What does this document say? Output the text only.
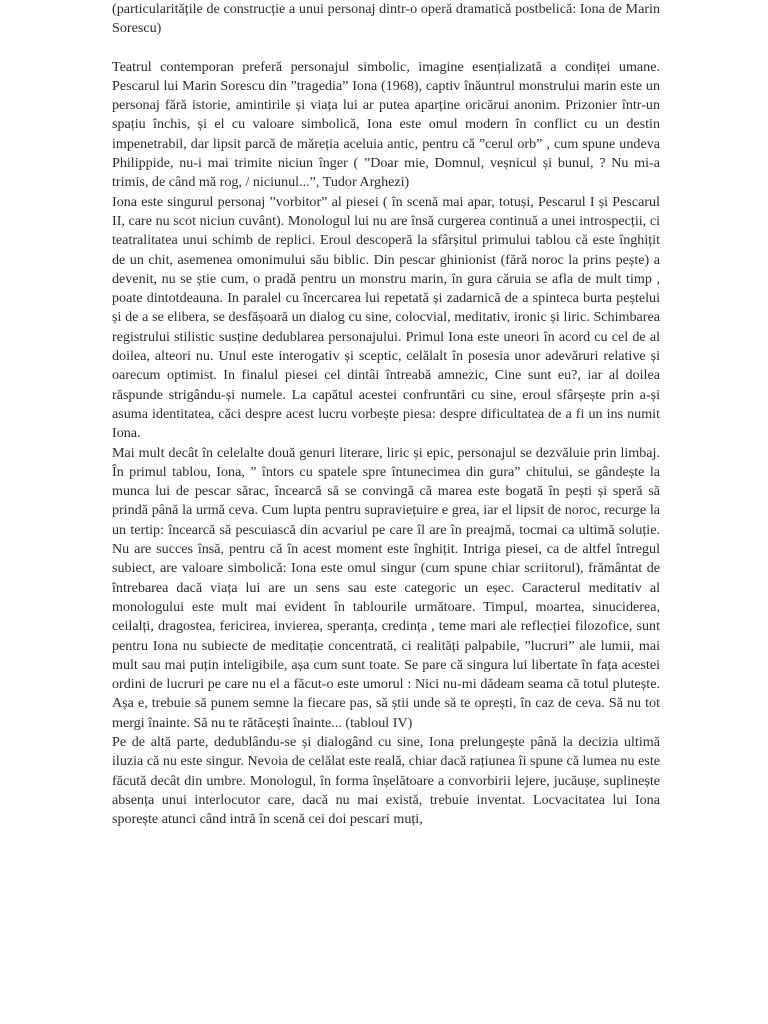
(particularitățile de construcție a unui personaj dintr-o operă dramatică postbelică: Iona de Marin Sorescu)

Teatrul contemporan preferă personajul simbolic, imagine esențializată a condiței umane. Pescarul lui Marin Sorescu din ”tragedia” Iona (1968), captiv înăuntrul monstrului marin este un personaj fără istorie, amintirile și viața lui ar putea aparține oricărui anonim. Prizonier într-un spațiu închis, și el cu valoare simbolică, Iona este omul modern în conflict cu un destin impenetrabil, dar lipsit parcă de măreția aceluia antic, pentru că ”cerul orb” , cum spune undeva Philippide, nu-i mai trimite niciun înger ( ”Doar mie, Domnul, veșnicul și bunul, ? Nu mi-a trimis, de când mă rog, / niciunul...”, Tudor Arghezi)

Iona este singurul personaj ”vorbitor” al piesei ( în scenă mai apar, totuși, Pescarul I și Pescarul II, care nu scot niciun cuvânt). Monologul lui nu are însă curgerea continuă a unei introspecții, ci teatralitatea unui schimb de replici. Eroul descoperă la sfârșitul primului tablou că este înghițit de un chit, asemenea omonimului său biblic. Din pescar ghinionist (fără noroc la prins pește) a devenit, nu se știe cum, o pradă pentru un monstru marin, în gura căruia se afla de mult timp , poate dintotdeauna. In paralel cu încercarea lui repetată și zadarnică de a spinteca burta peștelui și de a se elibera, se desfășoară un dialog cu sine, colocvial, meditativ, ironic și liric. Schimbarea registrului stilistic susține dedublarea personajului. Primul Iona este uneori în acord cu cel de al doilea, alteori nu. Unul este interogativ și sceptic, celălalt în posesia unor adevăruri relative și oarecum optimist. In finalul piesei cel dintâi întreabă amnezic, Cine sunt eu?, iar al doilea răspunde strigându-și numele. La capătul acestei confruntări cu sine, eroul sfârșește prin a-și asuma identitatea, căci despre acest lucru vorbește piesa: despre dificultatea de a fi un ins numit Iona.

Mai mult decât în celelalte două genuri literare, liric și epic, personajul se dezvăluie prin limbaj. În primul tablou, Iona, ” întors cu spatele spre întunecimea din gura” chitului, se gândește la munca lui de pescar sărac, încearcă să se convingă că marea este bogată în pești și speră să prindă până la urmă ceva. Cum lupta pentru supraviețuire e grea, iar el lipsit de noroc, recurge la un tertip: încearcă să pescuiască din acvariul pe care îl are în preajmă, tocmai ca ultimă soluție. Nu are succes însă, pentru că în acest moment este înghițit. Intriga piesei, ca de altfel întregul subiect, are valoare simbolică: Iona este omul singur (cum spune chiar scriitorul), frământat de întrebarea dacă viața lui are un sens sau este categoric un eșec. Caracterul meditativ al monologului este mult mai evident în tablourile următoare. Timpul, moartea, sinuciderea, ceilalți, dragostea, fericirea, invierea, speranța, credința , teme mari ale reflecției filozofice, sunt pentru Iona nu subiecte de meditație concentrată, ci realități palpabile, ”lucruri” ale lumii, mai mult sau mai puțin inteligibile, așa cum sunt toate. Se pare că singura lui libertate în fața acestei ordini de lucruri pe care nu el a făcut-o este umorul : Nici nu-mi dădeam seama că totul plutește. Așa e, trebuie să punem semne la fiecare pas, să știi unde să te oprești, în caz de ceva. Să nu tot mergi înainte. Să nu te rătăcești înainte... (tabloul IV)

Pe de altă parte, dedublându-se și dialogând cu sine, Iona prelungește până la decizia ultimă iluzia că nu este singur. Nevoia de celălat este reală, chiar dacă rațiunea îi spune că lumea nu este făcută decât din umbre. Monologul, în forma înșelătoare a convorbirii lejere, jucăușe, suplinește absența unui interlocutor care, dacă nu mai există, trebuie inventat. Locvacitatea lui Iona sporește atunci când intră în scenă cei doi pescari muți,
